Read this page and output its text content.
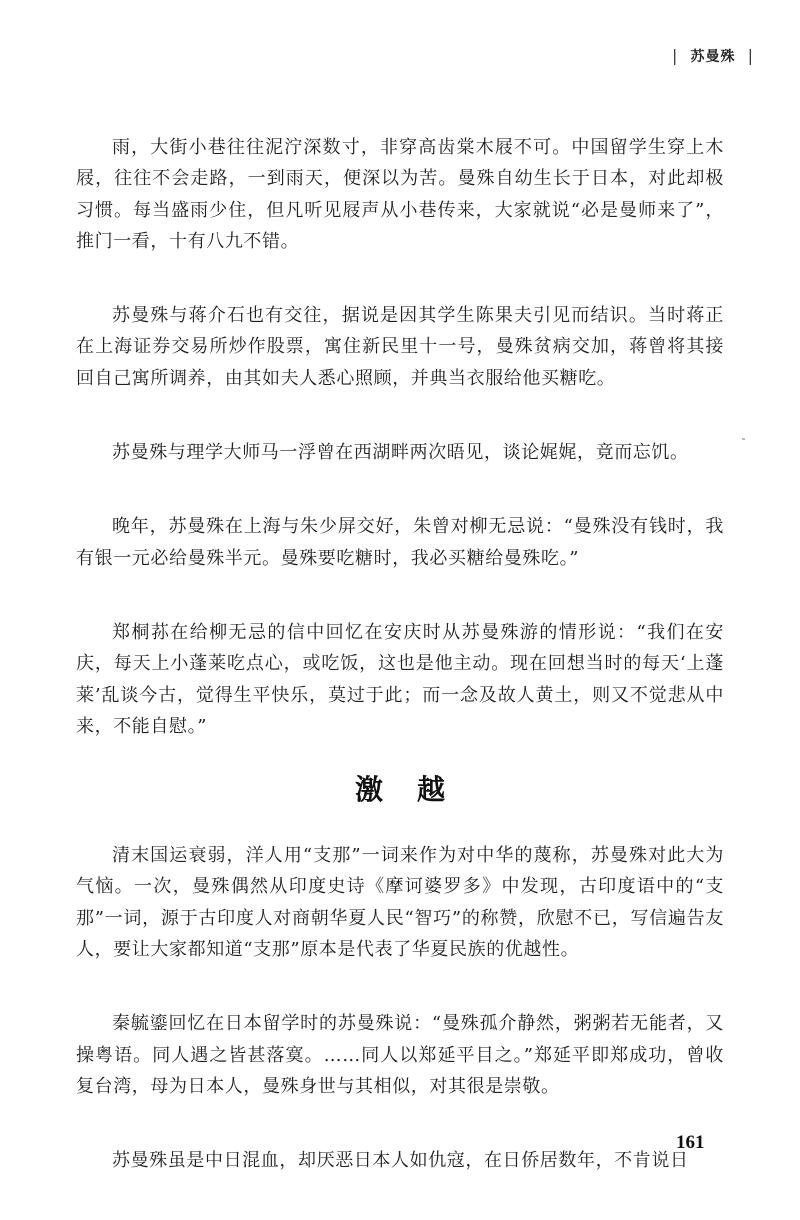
| 苏曼殊 |

雨，大街小巷往往泥泞深数寸，非穿高齿棠木屐不可。中国留学生穿上木屐，往往不会走路，一到雨天，便深以为苦。曼殊自幼生长于日本，对此却极习惯。每当盛雨少住，但凡听见屐声从小巷传来，大家就说“必是曼师来了”，推门一看，十有八九不错。

苏曼殊与蒋介石也有交往，据说是因其学生陈果夫引见而结识。当时蒋正在上海证券交易所炒作股票，寓住新民里十一号，曼殊贫病交加，蒋曾将其接回自己寓所调养，由其如夫人悉心照顾，并典当衣服给他买糖吃。

苏曼殊与理学大师马一浮曾在西湖畔两次晤见，谈论娓娓，竟而忘饥。

晚年，苏曼殊在上海与朱少屏交好，朱曾对柳无忌说：“曼殊没有钱时，我有银一元必给曼殊半元。曼殊要吃糖时，我必买糖给曼殊吃。”

郑桐荪在给柳无忌的信中回忆在安庆时从苏曼殊游的情形说：“我们在安庆，每天上小蓬莱吃点心，或吃饭，这也是他主动。现在回想当时的每天‘上蓬莱’乱谈今古，觉得生平快乐，莫过于此；而一念及故人黄土，则又不觉悲从中来，不能自慰。”

激越

清末国运衰弱，洋人用“支那”一词来作为对中华的蔑称，苏曼殊对此大为气恼。一次，曼殊偶然从印度史诗《摩诃婆罗多》中发现，古印度语中的“支那”一词，源于古印度人对商朝华夏人民“智巧”的称赞，欣慰不已，写信遍告友人，要让大家都知道“支那”原本是代表了华夏民族的优越性。

秦毓鎏回忆在日本留学时的苏曼殊说：“曼殊孤介静然，粥粥若无能者，又操粤语。同人遇之皆甚落寞。……同人以郑延平目之。”郑延平即郑成功，曾收复台湾，母为日本人，曼殊身世与其相似，对其很是崇敬。

苏曼殊虽是中日混血，却厌恶日本人如仇寇，在日侨居数年，不肯说日

161
